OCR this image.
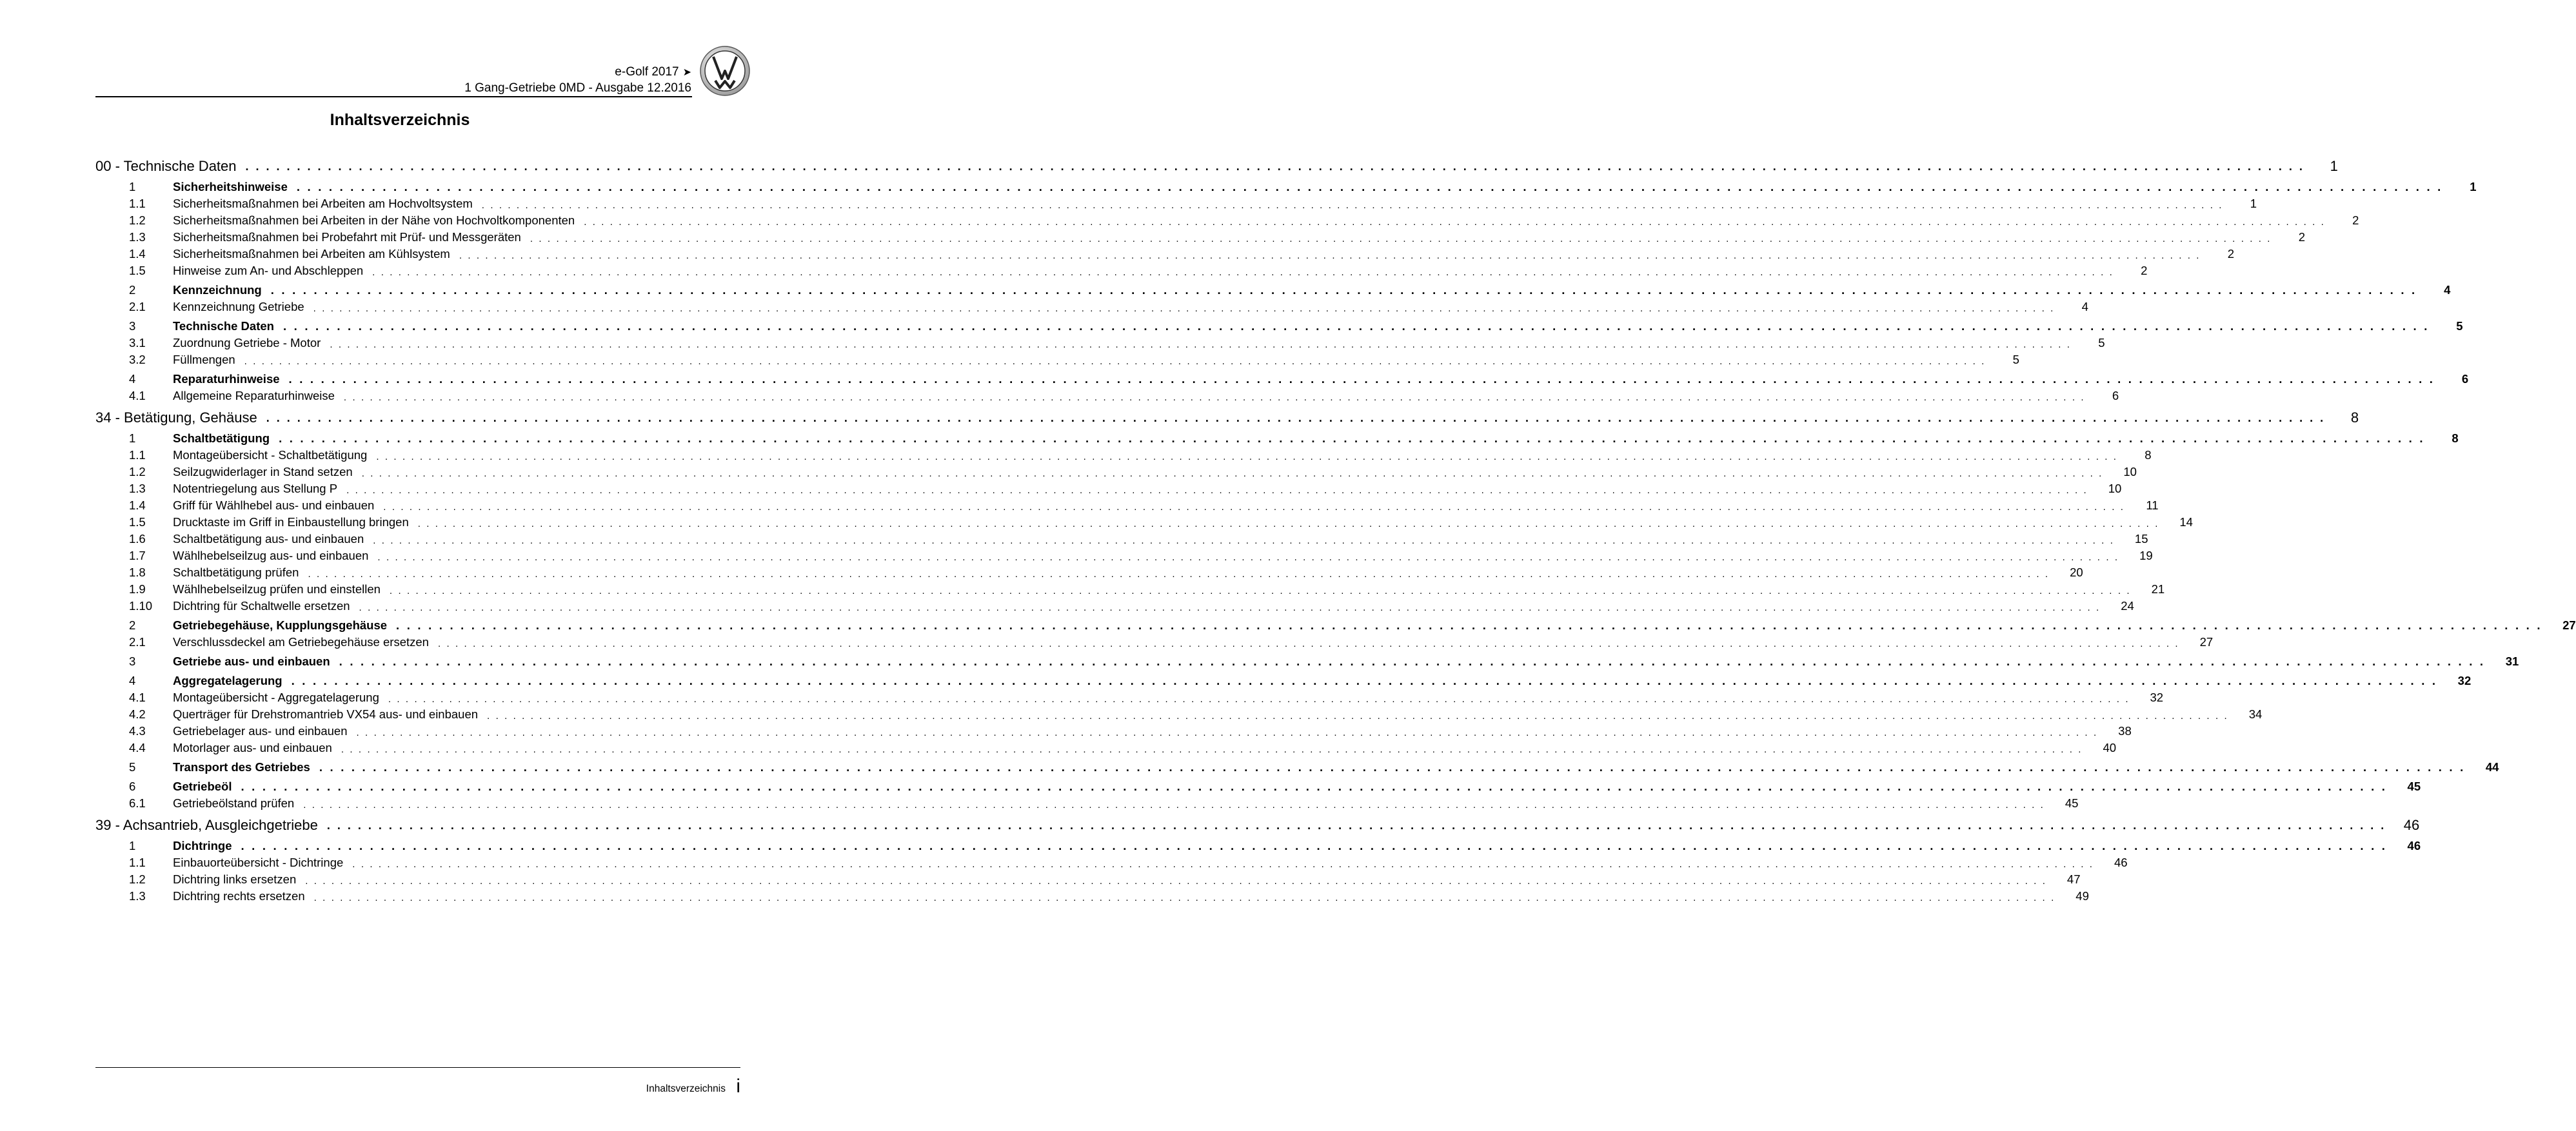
e-Golf 2017 ➤
1 Gang-Getriebe 0MD - Ausgabe 12.2016
Inhaltsverzeichnis
00 - Technische Daten . . . . . . . . . . . . . . . . . . . . . . . . . . . . . . . . . . . . . . . . . . . . . . . . . . . . . . . . . . . . . . . . . . . . . . . . . . . . . . . . . . . . . . . . . . . . . . . . . . . . . . . . . . . . . . . . . . . . . . . . . . . . . . . . . . . . . . . . . . . . . . . . . . . . . . . . . . . . . . . . . . . . . . . . . . . . . . . . . . . . . . . . . . . . . . . . . . . . . . . .	1
1	Sicherheitshinweise . . . . . . . . . . . . . . . . . . . . . . . . . . . . . . . . . . . . . . . . . . . . . . . . . . . . . . . . . . . . . . . . . . . . . . . . . . . . . . . . . . . . . . . . . . . . . . . . . . . . . . . . . . . . . . . . . . . . . . . . . . . . . . . . . . . . . . . . . . . . . . . . . . . . . . . . . . . . . . . . . . . . . . . . . . . . . . . . . . . . . . . . . . . . . . . . . . . . . . . .	1
1.1	Sicherheitsmaßnahmen bei Arbeiten am Hochvoltsystem . . . . . . . . . . . . . . . . . . . . . . . . . . . . . . . . . . . . . . . . . . . . . . . . . . . . . . . . . . . . . . . . . . . . . . . . . . . . . . . . . . . . . . . . . . . . . . . . . . . . . . . . . . . . . . . . . . . . . . . . . . . . . . . . . . . . . . . . . . . . . . . . . . . . . . . . . . . . . . . . . . . . . . . . . . . . . . . . . . . . . . . . . . . . . . . . . . . . . . . .	1
1.2	Sicherheitsmaßnahmen bei Arbeiten in der Nähe von Hochvoltkomponenten . . . . . . . . . . . . . . . . . . . . . . . . . . . . . . . . . . . . . . . . . . . . . . . . . . . . . . . . . . . . . . . . . . . . . . . . . . . . . . . . . . . . . . . . . . . . . . . . . . . . . . . . . . . . . . . . . . . . . . . . . . . . . . . . . . . . . . . . . . . . . . . . . . . . . . . . . . . . . . . . . . . . . . . . . . . . . . . . . . . . . . . . . . . . . . . . . . . . . . . .	2
1.3	Sicherheitsmaßnahmen bei Probefahrt mit Prüf- und Messgeräten . . . . . . . . . . . . . . . . . . . . . . . . . . . . . . . . . . . . . . . . . . . . . . . . . . . . . . . . . . . . . . . . . . . . . . . . . . . . . . . . . . . . . . . . . . . . . . . . . . . . . . . . . . . . . . . . . . . . . . . . . . . . . . . . . . . . . . . . . . . . . . . . . . . . . . . . . . . . . . . . . . . . . . . . . . . . . . . . . . . . . . . . . . . . . . . . . . . . . . . .	2
1.4	Sicherheitsmaßnahmen bei Arbeiten am Kühlsystem . . . . . . . . . . . . . . . . . . . . . . . . . . . . . . . . . . . . . . . . . . . . . . . . . . . . . . . . . . . . . . . . . . . . . . . . . . . . . . . . . . . . . . . . . . . . . . . . . . . . . . . . . . . . . . . . . . . . . . . . . . . . . . . . . . . . . . . . . . . . . . . . . . . . . . . . . . . . . . . . . . . . . . . . . . . . . . . . . . . . . . . . . . . . . . . . . . . . . . . .	2
1.5	Hinweise zum An- und Abschleppen . . . . . . . . . . . . . . . . . . . . . . . . . . . . . . . . . . . . . . . . . . . . . . . . . . . . . . . . . . . . . . . . . . . . . . . . . . . . . . . . . . . . . . . . . . . . . . . . . . . . . . . . . . . . . . . . . . . . . . . . . . . . . . . . . . . . . . . . . . . . . . . . . . . . . . . . . . . . . . . . . . . . . . . . . . . . . . . . . . . . . . . . . . . . . . . . . . . . . . . .	2
2	Kennzeichnung . . . . . . . . . . . . . . . . . . . . . . . . . . . . . . . . . . . . . . . . . . . . . . . . . . . . . . . . . . . . . . . . . . . . . . . . . . . . . . . . . . . . . . . . . . . . . . . . . . . . . . . . . . . . . . . . . . . . . . . . . . . . . . . . . . . . . . . . . . . . . . . . . . . . . . . . . . . . . . . . . . . . . . . . . . . . . . . . . . . . . . . . . . . . . . . . . . . . . . . .	4
2.1	Kennzeichnung Getriebe . . . . . . . . . . . . . . . . . . . . . . . . . . . . . . . . . . . . . . . . . . . . . . . . . . . . . . . . . . . . . . . . . . . . . . . . . . . . . . . . . . . . . . . . . . . . . . . . . . . . . . . . . . . . . . . . . . . . . . . . . . . . . . . . . . . . . . . . . . . . . . . . . . . . . . . . . . . . . . . . . . . . . . . . . . . . . . . . . . . . . . . . . . . . . . . . . . . . . . . .	4
3	Technische Daten . . . . . . . . . . . . . . . . . . . . . . . . . . . . . . . . . . . . . . . . . . . . . . . . . . . . . . . . . . . . . . . . . . . . . . . . . . . . . . . . . . . . . . . . . . . . . . . . . . . . . . . . . . . . . . . . . . . . . . . . . . . . . . . . . . . . . . . . . . . . . . . . . . . . . . . . . . . . . . . . . . . . . . . . . . . . . . . . . . . . . . . . . . . . . . . . . . . . . . . .	5
3.1	Zuordnung Getriebe - Motor . . . . . . . . . . . . . . . . . . . . . . . . . . . . . . . . . . . . . . . . . . . . . . . . . . . . . . . . . . . . . . . . . . . . . . . . . . . . . . . . . . . . . . . . . . . . . . . . . . . . . . . . . . . . . . . . . . . . . . . . . . . . . . . . . . . . . . . . . . . . . . . . . . . . . . . . . . . . . . . . . . . . . . . . . . . . . . . . . . . . . . . . . . . . . . . . . . . . . . . .	5
3.2	Füllmengen . . . . . . . . . . . . . . . . . . . . . . . . . . . . . . . . . . . . . . . . . . . . . . . . . . . . . . . . . . . . . . . . . . . . . . . . . . . . . . . . . . . . . . . . . . . . . . . . . . . . . . . . . . . . . . . . . . . . . . . . . . . . . . . . . . . . . . . . . . . . . . . . . . . . . . . . . . . . . . . . . . . . . . . . . . . . . . . . . . . . . . . . . . . . . . . . . . . . . . . .	5
4	Reparaturhinweise . . . . . . . . . . . . . . . . . . . . . . . . . . . . . . . . . . . . . . . . . . . . . . . . . . . . . . . . . . . . . . . . . . . . . . . . . . . . . . . . . . . . . . . . . . . . . . . . . . . . . . . . . . . . . . . . . . . . . . . . . . . . . . . . . . . . . . . . . . . . . . . . . . . . . . . . . . . . . . . . . . . . . . . . . . . . . . . . . . . . . . . . . . . . . . . . . . . . . . . .	6
4.1	Allgemeine Reparaturhinweise . . . . . . . . . . . . . . . . . . . . . . . . . . . . . . . . . . . . . . . . . . . . . . . . . . . . . . . . . . . . . . . . . . . . . . . . . . . . . . . . . . . . . . . . . . . . . . . . . . . . . . . . . . . . . . . . . . . . . . . . . . . . . . . . . . . . . . . . . . . . . . . . . . . . . . . . . . . . . . . . . . . . . . . . . . . . . . . . . . . . . . . . . . . . . . . . . . . . . . . .	6
34 - Betätigung, Gehäuse . . . . . . . . . . . . . . . . . . . . . . . . . . . . . . . . . . . . . . . . . . . . . . . . . . . . . . . . . . . . . . . . . . . . . . . . . . . . . . . . . . . . . . . . . . . . . . . . . . . . . . . . . . . . . . . . . . . . . . . . . . . . . . . . . . . . . . . . . . . . . . . . . . . . . . . . . . . . . . . . . . . . . . . . . . . . . . . . . . . . . . . . . . . . . . . . . . . . . . . .	8
1	Schaltbetätigung . . . . . . . . . . . . . . . . . . . . . . . . . . . . . . . . . . . . . . . . . . . . . . . . . . . . . . . . . . . . . . . . . . . . . . . . . . . . . . . . . . . . . . . . . . . . . . . . . . . . . . . . . . . . . . . . . . . . . . . . . . . . . . . . . . . . . . . . . . . . . . . . . . . . . . . . . . . . . . . . . . . . . . . . . . . . . . . . . . . . . . . . . . . . . . . . . . . . . . . .	8
1.1	Montageübersicht - Schaltbetätigung . . . . . . . . . . . . . . . . . . . . . . . . . . . . . . . . . . . . . . . . . . . . . . . . . . . . . . . . . . . . . . . . . . . . . . . . . . . . . . . . . . . . . . . . . . . . . . . . . . . . . . . . . . . . . . . . . . . . . . . . . . . . . . . . . . . . . . . . . . . . . . . . . . . . . . . . . . . . . . . . . . . . . . . . . . . . . . . . . . . . . . . . . . . . . . . . . . . . . . . .	8
1.2	Seilzugwiderlager in Stand setzen . . . . . . . . . . . . . . . . . . . . . . . . . . . . . . . . . . . . . . . . . . . . . . . . . . . . . . . . . . . . . . . . . . . . . . . . . . . . . . . . . . . . . . . . . . . . . . . . . . . . . . . . . . . . . . . . . . . . . . . . . . . . . . . . . . . . . . . . . . . . . . . . . . . . . . . . . . . . . . . . . . . . . . . . . . . . . . . . . . . . . . . . . . . . . . . . . . . . . . . .	10
1.3	Notentriegelung aus Stellung P . . . . . . . . . . . . . . . . . . . . . . . . . . . . . . . . . . . . . . . . . . . . . . . . . . . . . . . . . . . . . . . . . . . . . . . . . . . . . . . . . . . . . . . . . . . . . . . . . . . . . . . . . . . . . . . . . . . . . . . . . . . . . . . . . . . . . . . . . . . . . . . . . . . . . . . . . . . . . . . . . . . . . . . . . . . . . . . . . . . . . . . . . . . . . . . . . . . . . . . .	10
1.4	Griff für Wählhebel aus- und einbauen . . . . . . . . . . . . . . . . . . . . . . . . . . . . . . . . . . . . . . . . . . . . . . . . . . . . . . . . . . . . . . . . . . . . . . . . . . . . . . . . . . . . . . . . . . . . . . . . . . . . . . . . . . . . . . . . . . . . . . . . . . . . . . . . . . . . . . . . . . . . . . . . . . . . . . . . . . . . . . . . . . . . . . . . . . . . . . . . . . . . . . . . . . . . . . . . . . . . . . . .	11
1.5	Drucktaste im Griff in Einbaustellung bringen . . . . . . . . . . . . . . . . . . . . . . . . . . . . . . . . . . . . . . . . . . . . . . . . . . . . . . . . . . . . . . . . . . . . . . . . . . . . . . . . . . . . . . . . . . . . . . . . . . . . . . . . . . . . . . . . . . . . . . . . . . . . . . . . . . . . . . . . . . . . . . . . . . . . . . . . . . . . . . . . . . . . . . . . . . . . . . . . . . . . . . . . . . . . . . . . . . . . . . . .	14
1.6	Schaltbetätigung aus- und einbauen . . . . . . . . . . . . . . . . . . . . . . . . . . . . . . . . . . . . . . . . . . . . . . . . . . . . . . . . . . . . . . . . . . . . . . . . . . . . . . . . . . . . . . . . . . . . . . . . . . . . . . . . . . . . . . . . . . . . . . . . . . . . . . . . . . . . . . . . . . . . . . . . . . . . . . . . . . . . . . . . . . . . . . . . . . . . . . . . . . . . . . . . . . . . . . . . . . . . . . . .	15
1.7	Wählhebelseilzug aus- und einbauen . . . . . . . . . . . . . . . . . . . . . . . . . . . . . . . . . . . . . . . . . . . . . . . . . . . . . . . . . . . . . . . . . . . . . . . . . . . . . . . . . . . . . . . . . . . . . . . . . . . . . . . . . . . . . . . . . . . . . . . . . . . . . . . . . . . . . . . . . . . . . . . . . . . . . . . . . . . . . . . . . . . . . . . . . . . . . . . . . . . . . . . . . . . . . . . . . . . . . . . .	19
1.8	Schaltbetätigung prüfen . . . . . . . . . . . . . . . . . . . . . . . . . . . . . . . . . . . . . . . . . . . . . . . . . . . . . . . . . . . . . . . . . . . . . . . . . . . . . . . . . . . . . . . . . . . . . . . . . . . . . . . . . . . . . . . . . . . . . . . . . . . . . . . . . . . . . . . . . . . . . . . . . . . . . . . . . . . . . . . . . . . . . . . . . . . . . . . . . . . . . . . . . . . . . . . . . . . . . . . .	20
1.9	Wählhebelseilzug prüfen und einstellen . . . . . . . . . . . . . . . . . . . . . . . . . . . . . . . . . . . . . . . . . . . . . . . . . . . . . . . . . . . . . . . . . . . . . . . . . . . . . . . . . . . . . . . . . . . . . . . . . . . . . . . . . . . . . . . . . . . . . . . . . . . . . . . . . . . . . . . . . . . . . . . . . . . . . . . . . . . . . . . . . . . . . . . . . . . . . . . . . . . . . . . . . . . . . . . . . . . . . . . .	21
1.10	Dichtring für Schaltwelle ersetzen . . . . . . . . . . . . . . . . . . . . . . . . . . . . . . . . . . . . . . . . . . . . . . . . . . . . . . . . . . . . . . . . . . . . . . . . . . . . . . . . . . . . . . . . . . . . . . . . . . . . . . . . . . . . . . . . . . . . . . . . . . . . . . . . . . . . . . . . . . . . . . . . . . . . . . . . . . . . . . . . . . . . . . . . . . . . . . . . . . . . . . . . . . . . . . . . . . . . . . . .	24
2	Getriebegehäuse, Kupplungsgehäuse . . . . . . . . . . . . . . . . . . . . . . . . . . . . . . . . . . . . . . . . . . . . . . . . . . . . . . . . . . . . . . . . . . . . . . . . . . . . . . . . . . . . . . . . . . . . . . . . . . . . . . . . . . . . . . . . . . . . . . . . . . . . . . . . . . . . . . . . . . . . . . . . . . . . . . . . . . . . . . . . . . . . . . . . . . . . . . . . . . . . . . . . . . . . . . . . . . . . . . . .	27
2.1	Verschlussdeckel am Getriebegehäuse ersetzen . . . . . . . . . . . . . . . . . . . . . . . . . . . . . . . . . . . . . . . . . . . . . . . . . . . . . . . . . . . . . . . . . . . . . . . . . . . . . . . . . . . . . . . . . . . . . . . . . . . . . . . . . . . . . . . . . . . . . . . . . . . . . . . . . . . . . . . . . . . . . . . . . . . . . . . . . . . . . . . . . . . . . . . . . . . . . . . . . . . . . . . . . . . . . . . . . . . . . . . .	27
3	Getriebe aus- und einbauen . . . . . . . . . . . . . . . . . . . . . . . . . . . . . . . . . . . . . . . . . . . . . . . . . . . . . . . . . . . . . . . . . . . . . . . . . . . . . . . . . . . . . . . . . . . . . . . . . . . . . . . . . . . . . . . . . . . . . . . . . . . . . . . . . . . . . . . . . . . . . . . . . . . . . . . . . . . . . . . . . . . . . . . . . . . . . . . . . . . . . . . . . . . . . . . . . . . . . . . .	31
4	Aggregatelagerung . . . . . . . . . . . . . . . . . . . . . . . . . . . . . . . . . . . . . . . . . . . . . . . . . . . . . . . . . . . . . . . . . . . . . . . . . . . . . . . . . . . . . . . . . . . . . . . . . . . . . . . . . . . . . . . . . . . . . . . . . . . . . . . . . . . . . . . . . . . . . . . . . . . . . . . . . . . . . . . . . . . . . . . . . . . . . . . . . . . . . . . . . . . . . . . . . . . . . . . .	32
4.1	Montageübersicht - Aggregatelagerung . . . . . . . . . . . . . . . . . . . . . . . . . . . . . . . . . . . . . . . . . . . . . . . . . . . . . . . . . . . . . . . . . . . . . . . . . . . . . . . . . . . . . . . . . . . . . . . . . . . . . . . . . . . . . . . . . . . . . . . . . . . . . . . . . . . . . . . . . . . . . . . . . . . . . . . . . . . . . . . . . . . . . . . . . . . . . . . . . . . . . . . . . . . . . . . . . . . . . . . .	32
4.2	Querträger für Drehstromantrieb VX54 aus- und einbauen . . . . . . . . . . . . . . . . . . . . . . . . . . . . . . . . . . . . . . . . . . . . . . . . . . . . . . . . . . . . . . . . . . . . . . . . . . . . . . . . . . . . . . . . . . . . . . . . . . . . . . . . . . . . . . . . . . . . . . . . . . . . . . . . . . . . . . . . . . . . . . . . . . . . . . . . . . . . . . . . . . . . . . . . . . . . . . . . . . . . . . . . . . . . . . . . . . . . . . . .	34
4.3	Getriebelager aus- und einbauen . . . . . . . . . . . . . . . . . . . . . . . . . . . . . . . . . . . . . . . . . . . . . . . . . . . . . . . . . . . . . . . . . . . . . . . . . . . . . . . . . . . . . . . . . . . . . . . . . . . . . . . . . . . . . . . . . . . . . . . . . . . . . . . . . . . . . . . . . . . . . . . . . . . . . . . . . . . . . . . . . . . . . . . . . . . . . . . . . . . . . . . . . . . . . . . . . . . . . . . .	38
4.4	Motorlager aus- und einbauen . . . . . . . . . . . . . . . . . . . . . . . . . . . . . . . . . . . . . . . . . . . . . . . . . . . . . . . . . . . . . . . . . . . . . . . . . . . . . . . . . . . . . . . . . . . . . . . . . . . . . . . . . . . . . . . . . . . . . . . . . . . . . . . . . . . . . . . . . . . . . . . . . . . . . . . . . . . . . . . . . . . . . . . . . . . . . . . . . . . . . . . . . . . . . . . . . . . . . . . .	40
5	Transport des Getriebes . . . . . . . . . . . . . . . . . . . . . . . . . . . . . . . . . . . . . . . . . . . . . . . . . . . . . . . . . . . . . . . . . . . . . . . . . . . . . . . . . . . . . . . . . . . . . . . . . . . . . . . . . . . . . . . . . . . . . . . . . . . . . . . . . . . . . . . . . . . . . . . . . . . . . . . . . . . . . . . . . . . . . . . . . . . . . . . . . . . . . . . . . . . . . . . . . . . . . . . .	44
6	Getriebeöl . . . . . . . . . . . . . . . . . . . . . . . . . . . . . . . . . . . . . . . . . . . . . . . . . . . . . . . . . . . . . . . . . . . . . . . . . . . . . . . . . . . . . . . . . . . . . . . . . . . . . . . . . . . . . . . . . . . . . . . . . . . . . . . . . . . . . . . . . . . . . . . . . . . . . . . . . . . . . . . . . . . . . . . . . . . . . . . . . . . . . . . . . . . . . . . . . . . . . . . .	45
6.1	Getriebeölstand prüfen . . . . . . . . . . . . . . . . . . . . . . . . . . . . . . . . . . . . . . . . . . . . . . . . . . . . . . . . . . . . . . . . . . . . . . . . . . . . . . . . . . . . . . . . . . . . . . . . . . . . . . . . . . . . . . . . . . . . . . . . . . . . . . . . . . . . . . . . . . . . . . . . . . . . . . . . . . . . . . . . . . . . . . . . . . . . . . . . . . . . . . . . . . . . . . . . . . . . . . . .	45
39 - Achsantrieb, Ausgleichgetriebe . . . . . . . . . . . . . . . . . . . . . . . . . . . . . . . . . . . . . . . . . . . . . . . . . . . . . . . . . . . . . . . . . . . . . . . . . . . . . . . . . . . . . . . . . . . . . . . . . . . . . . . . . . . . . . . . . . . . . . . . . . . . . . . . . . . . . . . . . . . . . . . . . . . . . . . . . . . . . . . . . . . . . . . . . . . . . . . . . . . . . . . . . . . . . . . . . . . . . . . .	46
1	Dichtringe . . . . . . . . . . . . . . . . . . . . . . . . . . . . . . . . . . . . . . . . . . . . . . . . . . . . . . . . . . . . . . . . . . . . . . . . . . . . . . . . . . . . . . . . . . . . . . . . . . . . . . . . . . . . . . . . . . . . . . . . . . . . . . . . . . . . . . . . . . . . . . . . . . . . . . . . . . . . . . . . . . . . . . . . . . . . . . . . . . . . . . . . . . . . . . . . . . . . . . . .	46
1.1	Einbauorteübersicht - Dichtringe . . . . . . . . . . . . . . . . . . . . . . . . . . . . . . . . . . . . . . . . . . . . . . . . . . . . . . . . . . . . . . . . . . . . . . . . . . . . . . . . . . . . . . . . . . . . . . . . . . . . . . . . . . . . . . . . . . . . . . . . . . . . . . . . . . . . . . . . . . . . . . . . . . . . . . . . . . . . . . . . . . . . . . . . . . . . . . . . . . . . . . . . . . . . . . . . . . . . . . . .	46
1.2	Dichtring links ersetzen . . . . . . . . . . . . . . . . . . . . . . . . . . . . . . . . . . . . . . . . . . . . . . . . . . . . . . . . . . . . . . . . . . . . . . . . . . . . . . . . . . . . . . . . . . . . . . . . . . . . . . . . . . . . . . . . . . . . . . . . . . . . . . . . . . . . . . . . . . . . . . . . . . . . . . . . . . . . . . . . . . . . . . . . . . . . . . . . . . . . . . . . . . . . . . . . . . . . . . . .	47
1.3	Dichtring rechts ersetzen . . . . . . . . . . . . . . . . . . . . . . . . . . . . . . . . . . . . . . . . . . . . . . . . . . . . . . . . . . . . . . . . . . . . . . . . . . . . . . . . . . . . . . . . . . . . . . . . . . . . . . . . . . . . . . . . . . . . . . . . . . . . . . . . . . . . . . . . . . . . . . . . . . . . . . . . . . . . . . . . . . . . . . . . . . . . . . . . . . . . . . . . . . . . . . . . . . . . . . . .	49
Inhaltsverzeichnis i
